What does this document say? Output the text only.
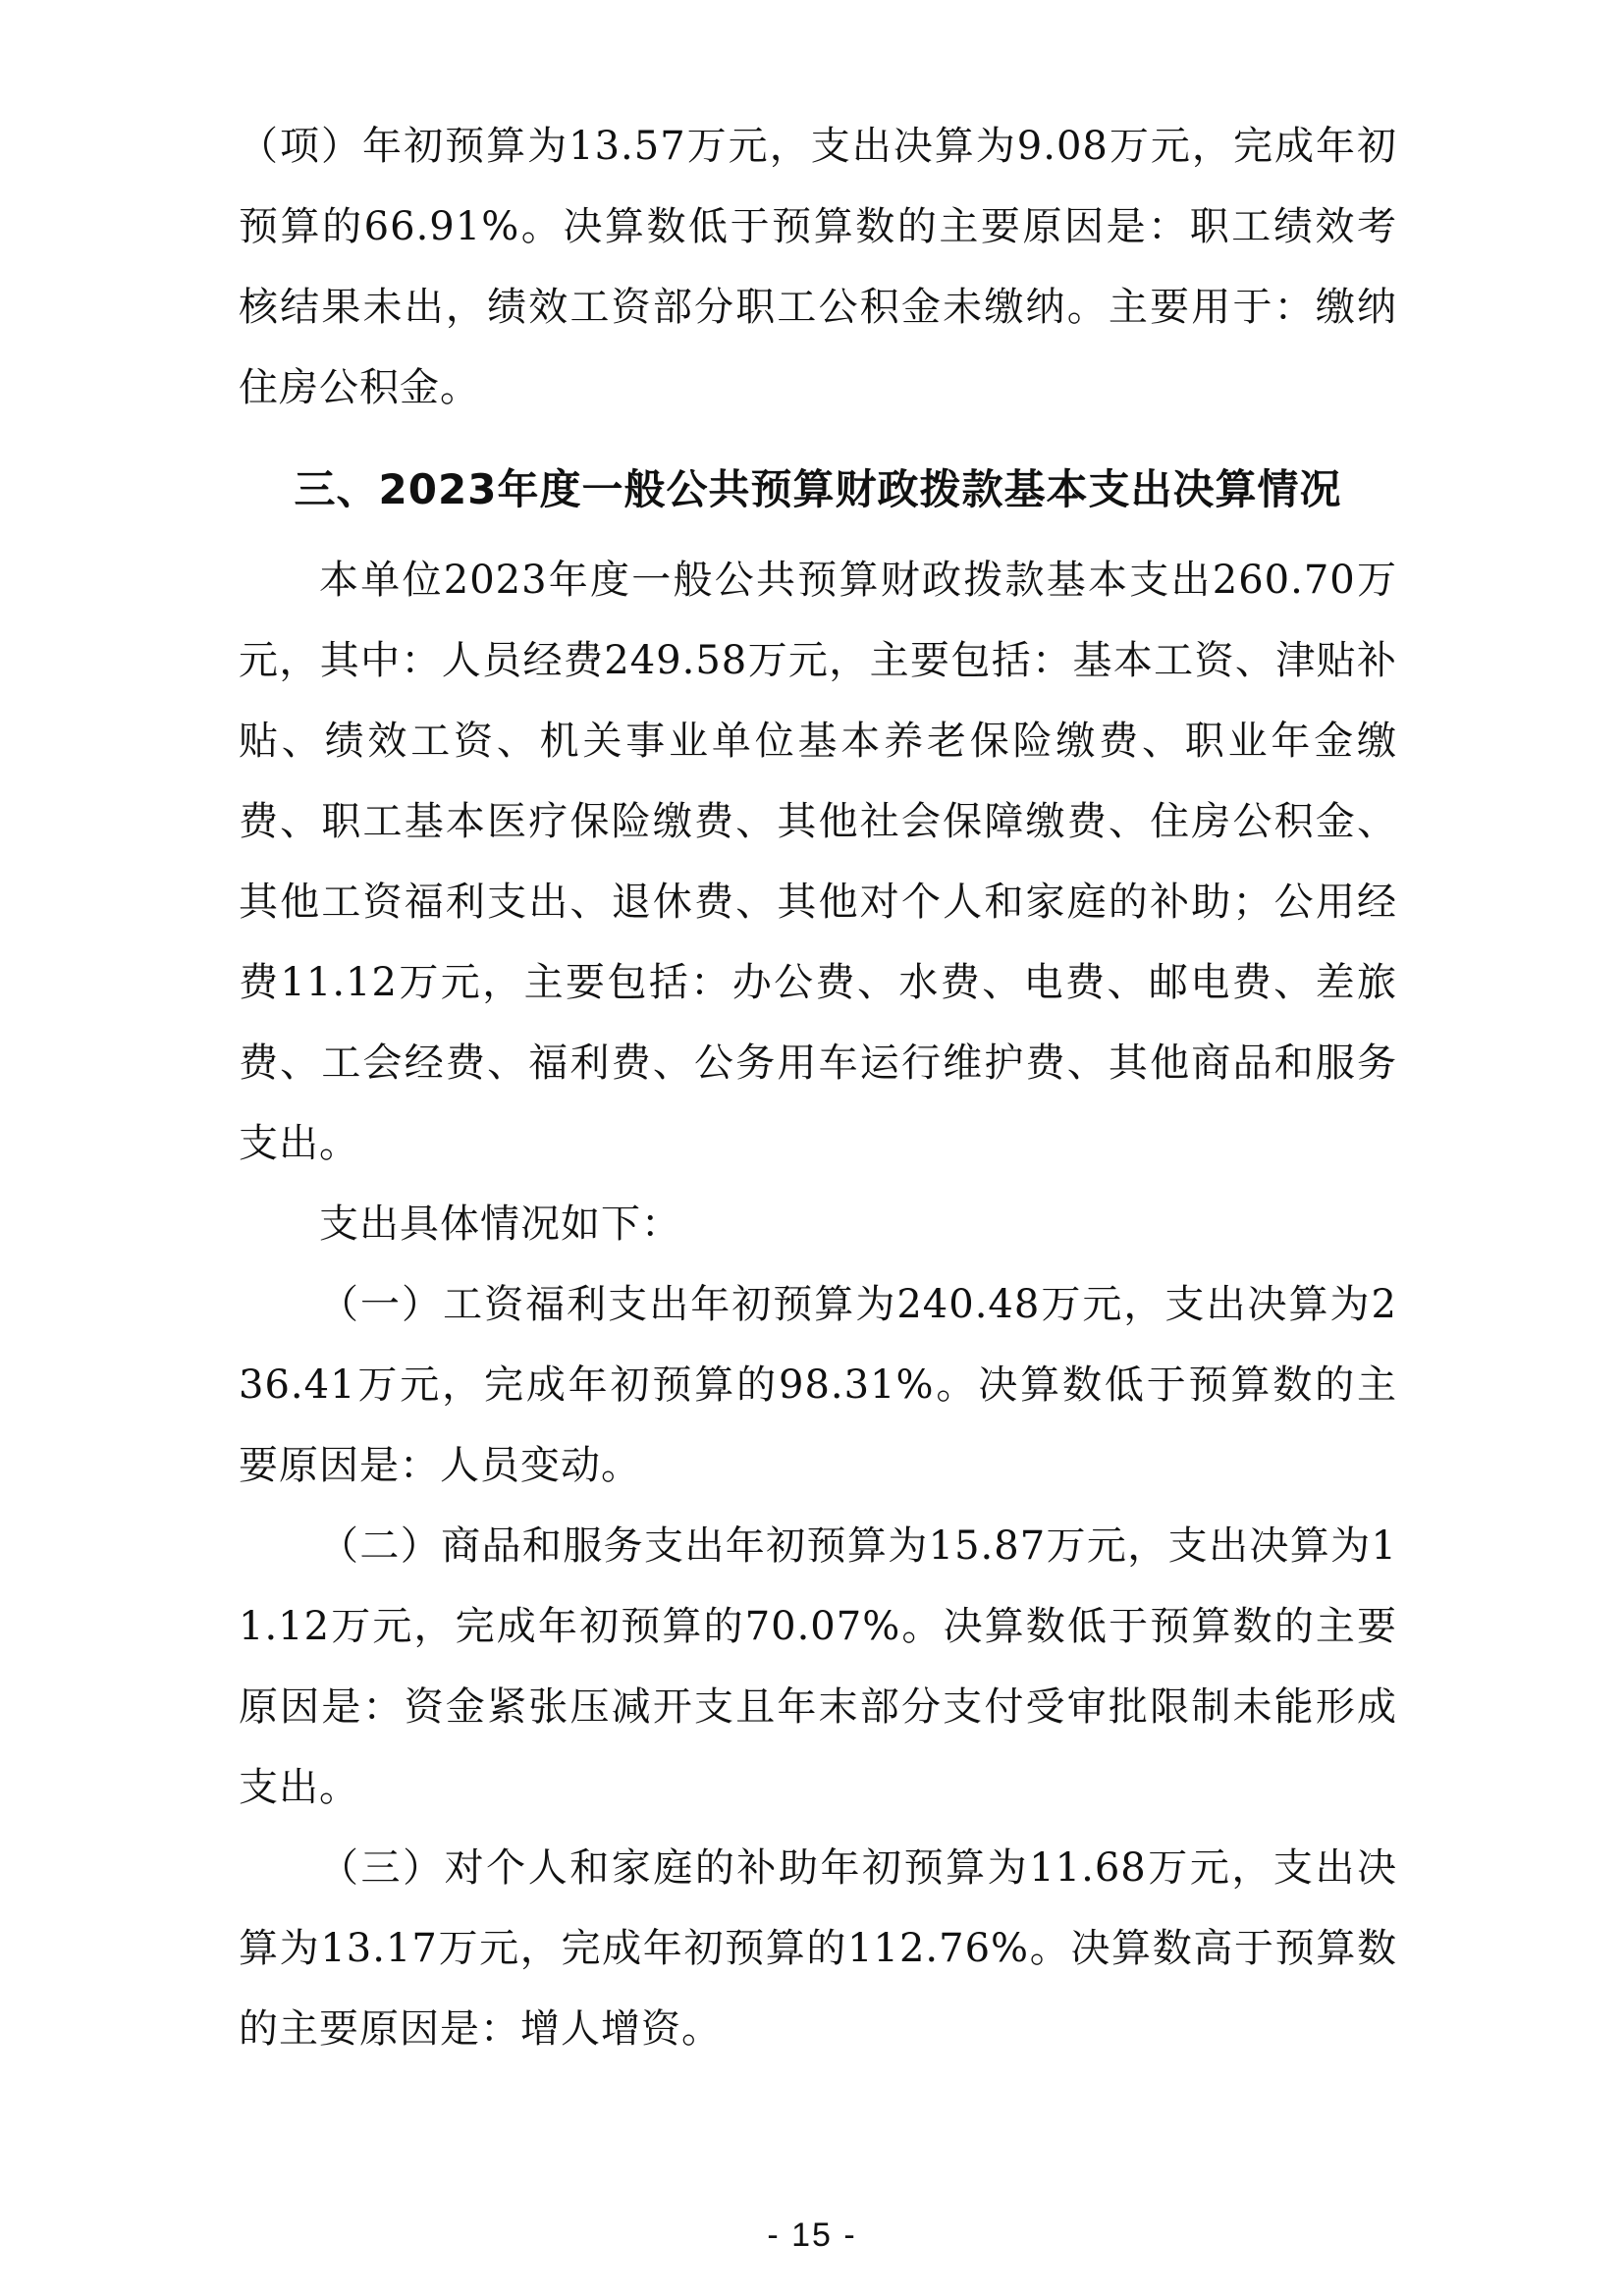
（项）年初预算为13.57万元，支出决算为9.08万元，完成年初预算的66.91%。决算数低于预算数的主要原因是：职工绩效考核结果未出，绩效工资部分职工公积金未缴纳。主要用于：缴纳住房公积金。

三、2023年度一般公共预算财政拨款基本支出决算情况

本单位2023年度一般公共预算财政拨款基本支出260.70万元，其中：人员经费249.58万元，主要包括：基本工资、津贴补贴、绩效工资、机关事业单位基本养老保险缴费、职业年金缴费、职工基本医疗保险缴费、其他社会保障缴费、住房公积金、其他工资福利支出、退休费、其他对个人和家庭的补助；公用经费11.12万元，主要包括：办公费、水费、电费、邮电费、差旅费、工会经费、福利费、公务用车运行维护费、其他商品和服务支出。

支出具体情况如下：

（一）工资福利支出年初预算为240.48万元，支出决算为236.41万元，完成年初预算的98.31%。决算数低于预算数的主要原因是：人员变动。

（二）商品和服务支出年初预算为15.87万元，支出决算为11.12万元，完成年初预算的70.07%。决算数低于预算数的主要原因是：资金紧张压减开支且年末部分支付受审批限制未能形成支出。

（三）对个人和家庭的补助年初预算为11.68万元，支出决算为13.17万元，完成年初预算的112.76%。决算数高于预算数的主要原因是：增人增资。

- 15 -
